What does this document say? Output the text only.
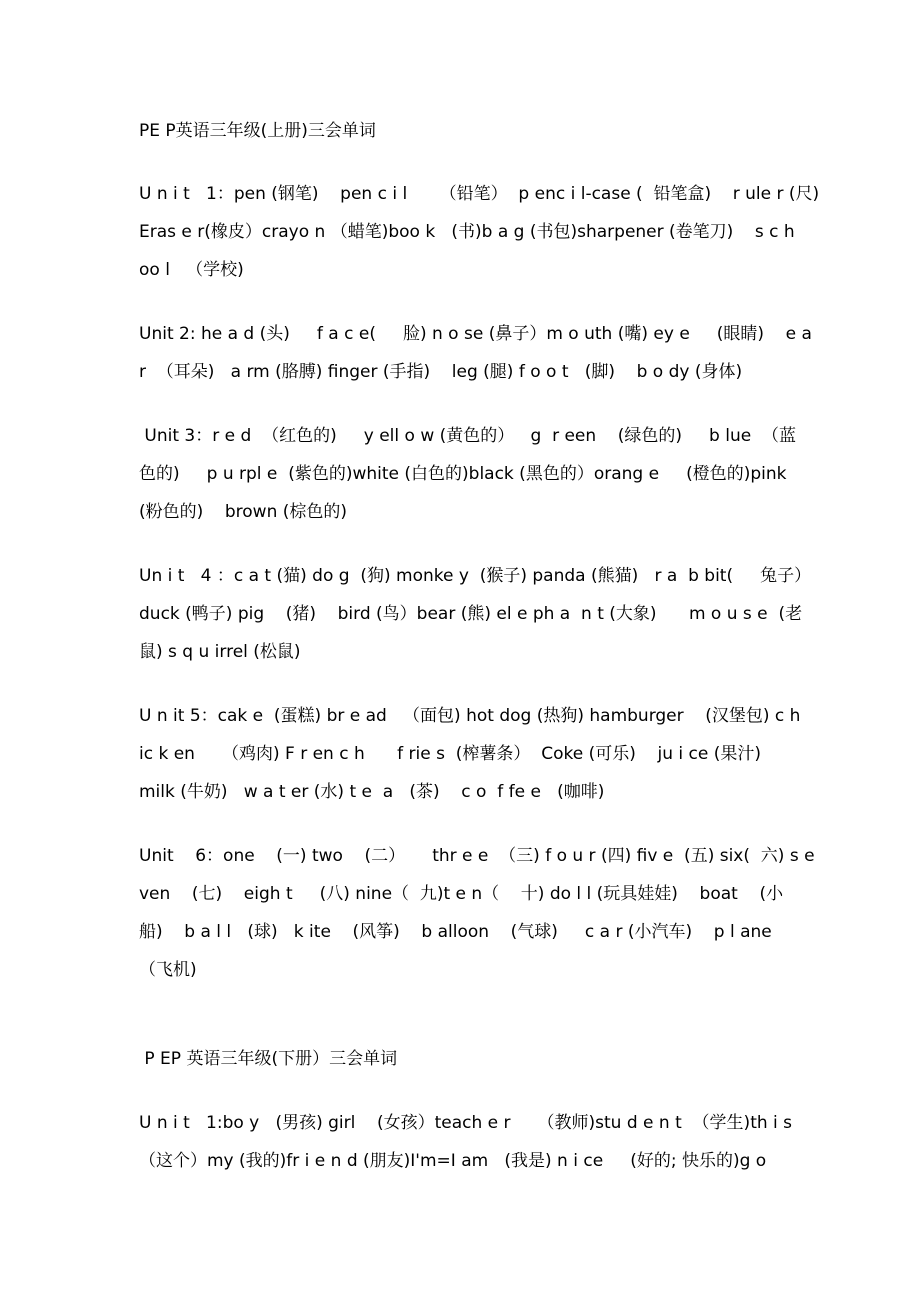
PE P英语三年级(上册)三会单词
U n i t   1：pen (钢笔)    pen c i l      （铅笔）  p enc i l-case (  铅笔盒)    r ule r (尺)
Eras e r(橡皮）crayo n （蜡笔)boo k   (书)b a g (书包)sharpener (卷笔刀)    s c h
oo l   （学校)
Unit 2: he a d (头)     f a c e(     脸) n o se (鼻子）m o uth (嘴) ey e     (眼睛)    e a
r  （耳朵)   a rm (胳膊) finger (手指)    leg (腿) f o o t   (脚)    b o dy (身体)
Unit 3：r e d  （红色的)     y ell o w (黄色的）   g  r een    (绿色的)     b lue  （蓝
色的)     p u rpl e  (紫色的)white (白色的)black (黑色的）orang e     (橙色的)pink
(粉色的)    brown (棕色的)
Un i t   4 ：c a t (猫) do g  (狗) monke y  (猴子) panda (熊猫)   r a  b bit(     兔子）
duck (鸭子) pig    (猪)    bird (鸟）bear (熊) el e ph a  n t (大象)      m o u s e  (老
鼠) s q u irrel (松鼠)
U n it 5：cak e  (蛋糕) br e ad   （面包) hot dog (热狗) hamburger    (汉堡包) c h
ic k en     （鸡肉) F r en c h      f rie s  (榨薯条）  Coke (可乐)    ju i ce (果汁)
milk (牛奶)   w a t er (水) t e  a   (茶)    c o  f fe e   (咖啡)
Unit    6：one    (一) two    (二）     thr e e  （三) f o u r (四) fiv e  (五) six(  六) s e
ven    (七)    eigh t     (八) nine（  九)t e n（    十) do l l (玩具娃娃)    boat    (小
船)    b a l l   (球)   k ite    (风筝)    b alloon    (气球)     c a r (小汽车)    p l ane
（飞机)
P EP 英语三年级(下册）三会单词
U n i t   1:bo y   (男孩) girl    (女孩）teach e r     （教师)stu d e n t  （学生)th i s
（这个）my (我的)fr i e n d (朋友)I'm=I am   (我是) n i ce     (好的; 快乐的)g o
